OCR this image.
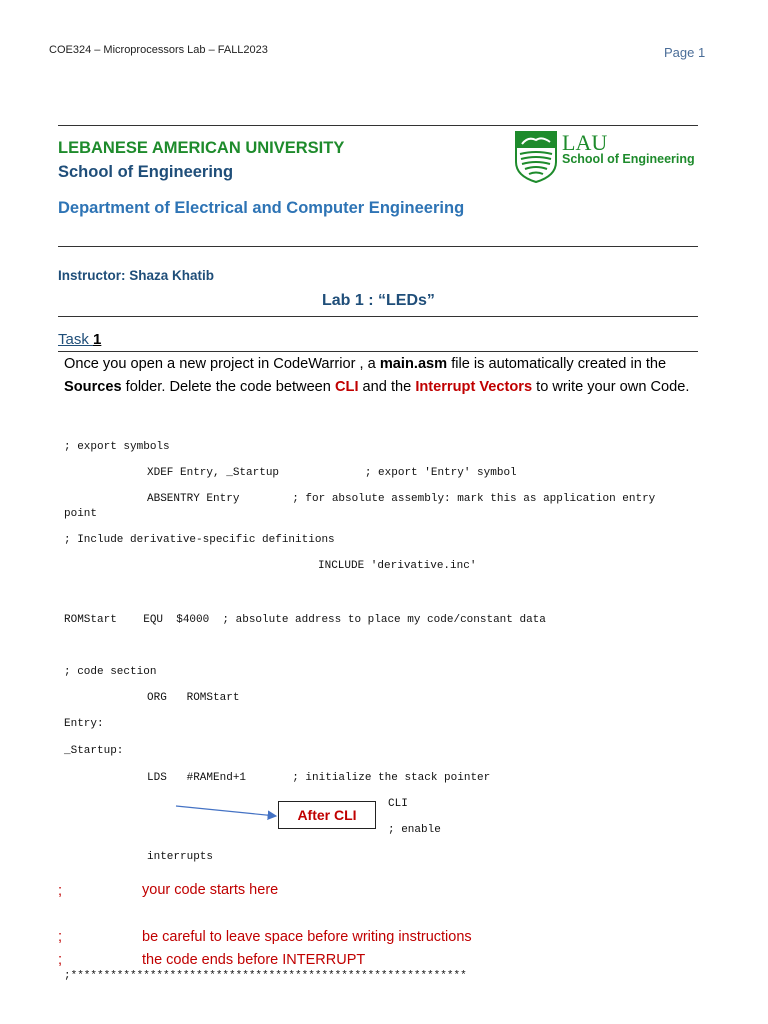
COE324 – Microprocessors Lab – FALL2023	Page 1
LEBANESE AMERICAN UNIVERSITY
School of Engineering
Department of Electrical and Computer Engineering
LAU
School of Engineering
Instructor: Shaza Khatib
Lab 1 : “LEDs”
Task 1
Once you open a new project in CodeWarrior , a main.asm file is automatically created in the Sources folder. Delete the code between CLI and the Interrupt Vectors to write your own Code.
; export symbols
XDEF Entry, _Startup             ; export 'Entry' symbol
ABSENTRY Entry        ; for absolute assembly: mark this as application entry
point
; Include derivative-specific definitions
INCLUDE 'derivative.inc'
ROMStart    EQU  $4000  ; absolute address to place my code/constant data
; code section
ORG   ROMStart
Entry:
_Startup:
LDS   #RAMEnd+1       ; initialize the stack pointer
CLI
; enable
interrupts
After CLI
;	your code starts here
;	be careful to leave space before writing instructions
;	the code ends before INTERRUPT
;************************************************************
